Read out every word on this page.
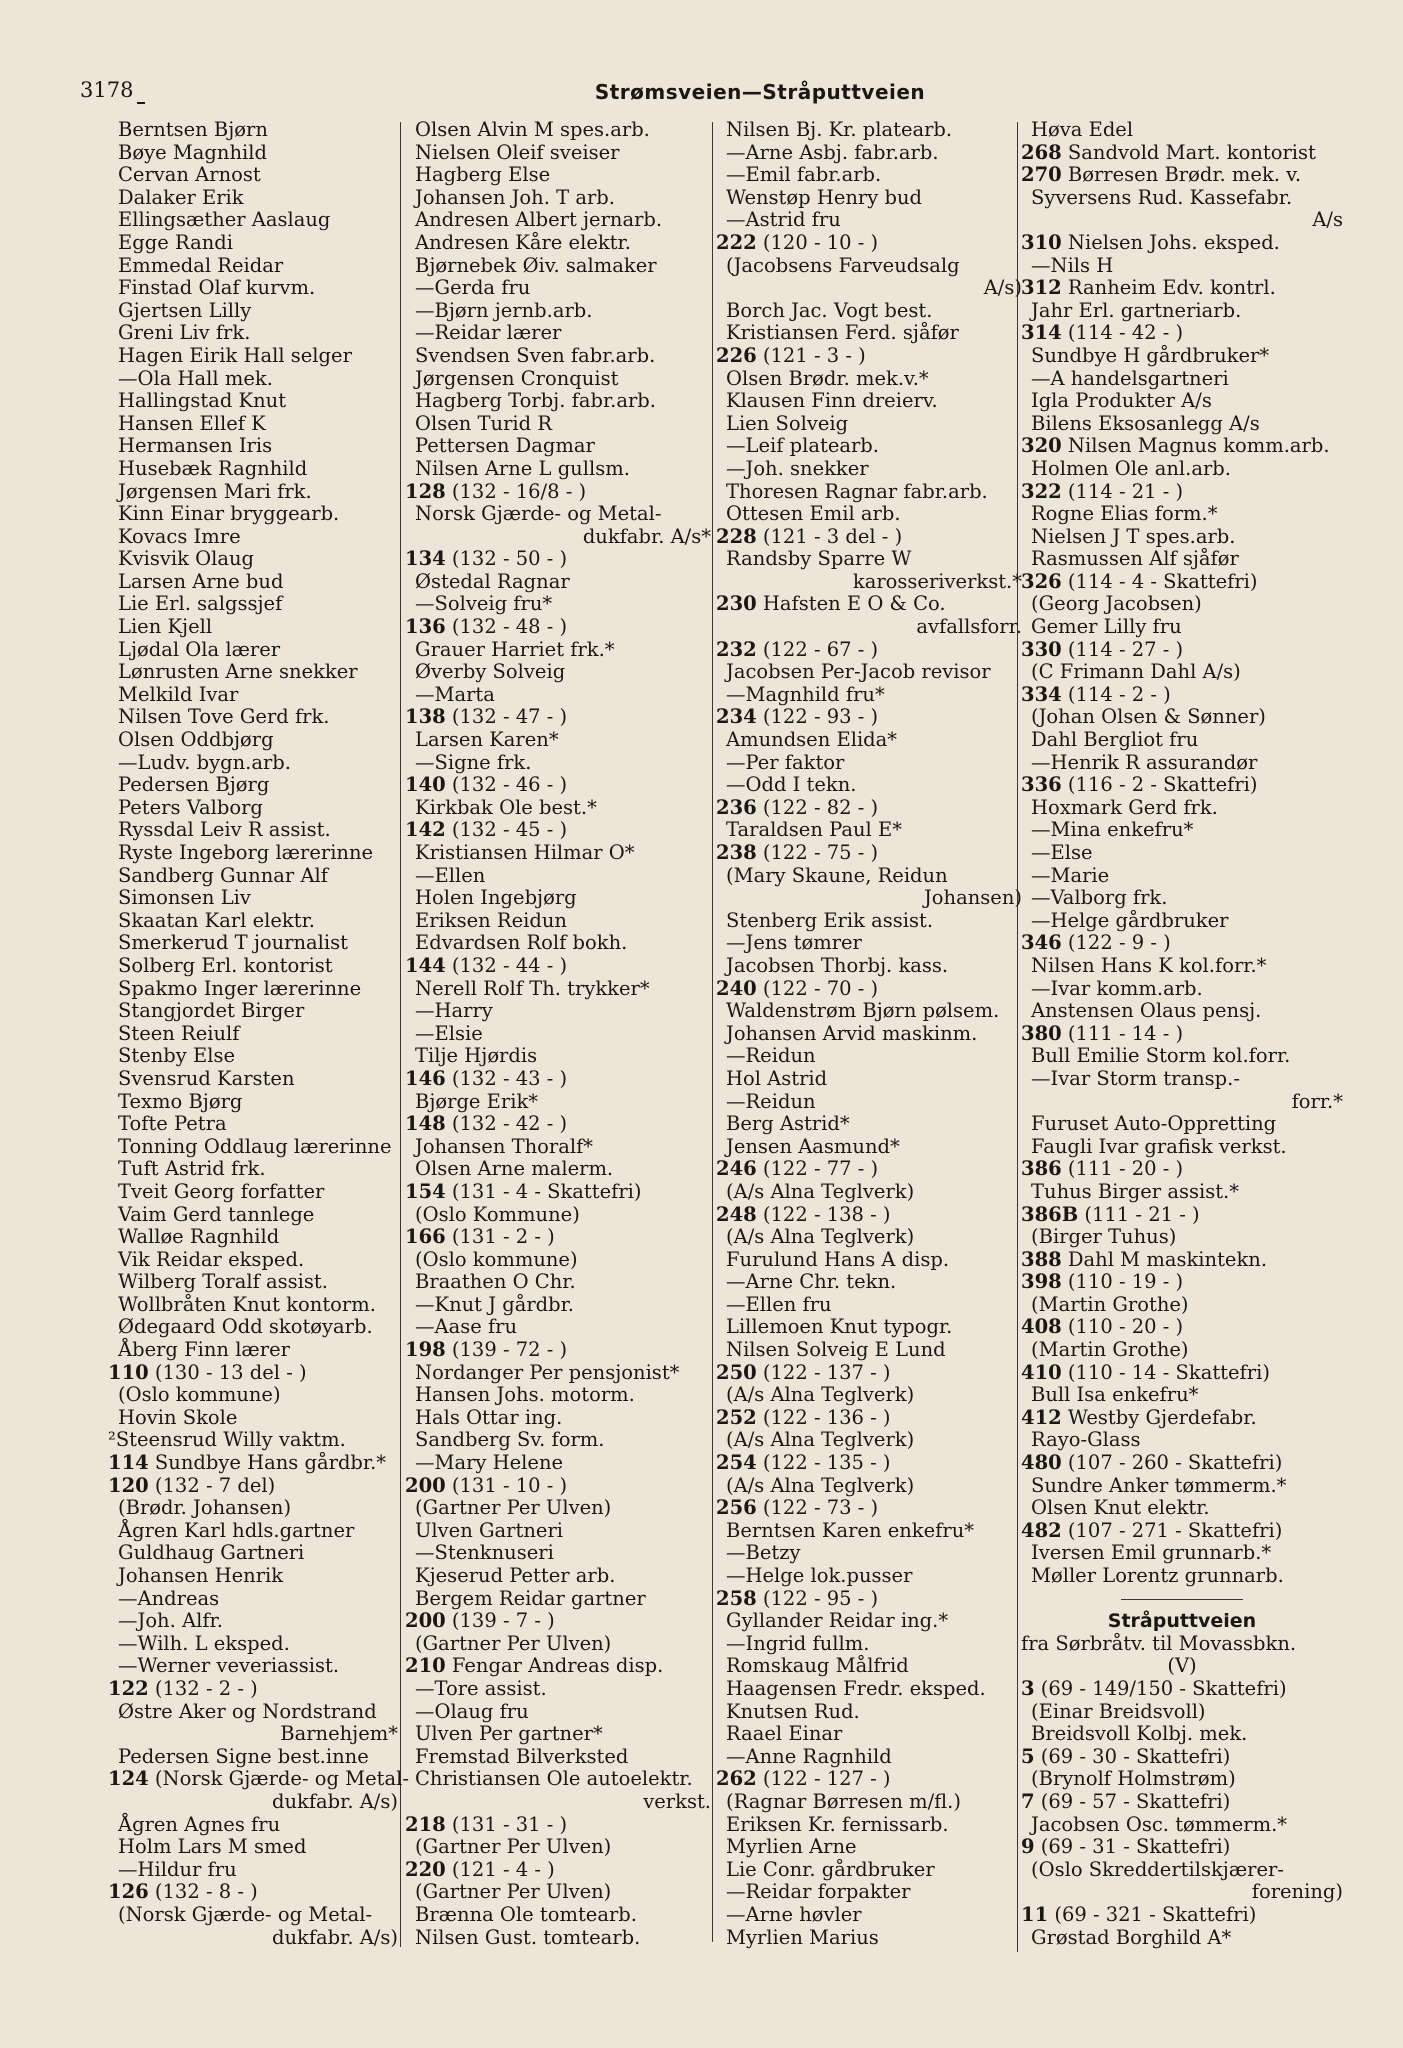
3178	Strømsveien—Stråputtveien
Berntsen Bjørn
Bøye Magnhild
Cervan Arnost
Dalaker Erik
Ellingsæther Aaslaug
Egge Randi
Emmedal Reidar
Finstad Olaf kurvm.
Gjertsen Lilly
Greni Liv frk.
Hagen Eirik Hall selger
—Ola Hall mek.
Hallingstad Knut
Hansen Ellef K
Hermansen Iris
Husebæk Ragnhild
Jørgensen Mari frk.
Kinn Einar bryggearb.
Kovacs Imre
Kvisvik Olaug
Larsen Arne bud
Lie Erl. salgssjef
Lien Kjell
Ljødal Ola lærer
Lønrusten Arne snekker
Melkild Ivar
Nilsen Tove Gerd frk.
Olsen Oddbjørg
—Ludv. bygn.arb.
Pedersen Bjørg
Peters Valborg
Ryssdal Leiv R assist.
Ryste Ingeborg lærerinne
Sandberg Gunnar Alf
Simonsen Liv
Skaatan Karl elektr.
Smerkerud T journalist
Solberg Erl. kontorist
Spakmo Inger lærerinne
Stangjordet Birger
Steen Reiulf
Stenby Else
Svensrud Karsten
Texmo Bjørg
Tofte Petra
Tonning Oddlaug lærerinne
Tuft Astrid frk.
Tveit Georg forfatter
Vaim Gerd tannlege
Walløe Ragnhild
Vik Reidar eksped.
Wilberg Toralf assist.
Wollbråten Knut kontorm.
Ødegaard Odd skotøyarb.
Åberg Finn lærer
110 (130 - 13 del - )
(Oslo kommune)
Hovin Skole
²Steensrud Willy vaktm.
114 Sundbye Hans gårdbr.*
120 (132 - 7 del)
(Brødr. Johansen)
Ågren Karl hdls.gartner
Guldhaug Gartneri
Johansen Henrik
—Andreas
—Joh. Alfr.
—Wilh. L eksped.
—Werner veveriassist.
122 (132 - 2 - )
Østre Aker og Nordstrand
Barnehjem*
Pedersen Signe best.inne
124 (Norsk Gjærde- og Metal-
dukfabr. A/s)
Ågren Agnes fru
Holm Lars M smed
—Hildur fru
126 (132 - 8 - )
(Norsk Gjærde- og Metal-
dukfabr. A/s)
Olsen Alvin M spes.arb.
Nielsen Oleif sveiser
Hagberg Else
Johansen Joh. T arb.
Andresen Albert jernarb.
Andresen Kåre elektr.
Bjørnebek Øiv. salmaker
—Gerda fru
—Bjørn jernb.arb.
—Reidar lærer
Svendsen Sven fabr.arb.
Jørgensen Cronquist
Hagberg Torbj. fabr.arb.
Olsen Turid R
Pettersen Dagmar
Nilsen Arne L gullsm.
128 (132 - 16/8 - )
Norsk Gjærde- og Metal-
dukfabr. A/s*
134 (132 - 50 - )
Østedal Ragnar
—Solveig fru*
136 (132 - 48 - )
Grauer Harriet frk.*
Øverby Solveig
—Marta
138 (132 - 47 - )
Larsen Karen*
—Signe frk.
140 (132 - 46 - )
Kirkbak Ole best.*
142 (132 - 45 - )
Kristiansen Hilmar O*
—Ellen
Holen Ingebjørg
Eriksen Reidun
Edvardsen Rolf bokh.
144 (132 - 44 - )
Nerell Rolf Th. trykker*
—Harry
—Elsie
Tilje Hjørdis
146 (132 - 43 - )
Bjørge Erik*
148 (132 - 42 - )
Johansen Thoralf*
Olsen Arne malerm.
154 (131 - 4 - Skattefri)
(Oslo Kommune)
166 (131 - 2 - )
(Oslo kommune)
Braathen O Chr.
—Knut J gårdbr.
—Aase fru
198 (139 - 72 - )
Nordanger Per pensjonist*
Hansen Johs. motorm.
Hals Ottar ing.
Sandberg Sv. form.
—Mary Helene
200 (131 - 10 - )
(Gartner Per Ulven)
Ulven Gartneri
—Stenknuseri
Kjeserud Petter arb.
Bergem Reidar gartner
200 (139 - 7 - )
(Gartner Per Ulven)
210 Fengar Andreas disp.
—Tore assist.
—Olaug fru
Ulven Per gartner*
Fremstad Bilverksted
Christiansen Ole autoelektr.
verkst.
218 (131 - 31 - )
(Gartner Per Ulven)
220 (121 - 4 - )
(Gartner Per Ulven)
Brænna Ole tomtearb.
Nilsen Gust. tomtearb.
Nilsen Bj. Kr. platearb.
—Arne Asbj. fabr.arb.
—Emil fabr.arb.
Wenstøp Henry bud
—Astrid fru
222 (120 - 10 - )
(Jacobsens Farveudsalg
A/s)
Borch Jac. Vogt best.
Kristiansen Ferd. sjåfør
226 (121 - 3 - )
Olsen Brødr. mek.v.*
Klausen Finn dreierv.
Lien Solveig
—Leif platearb.
—Joh. snekker
Thoresen Ragnar fabr.arb.
Ottesen Emil arb.
228 (121 - 3 del - )
Randsby Sparre W
karosseriverkst.*
230 Hafsten E O & Co.
avfallsforr.
232 (122 - 67 - )
Jacobsen Per-Jacob revisor
—Magnhild fru*
234 (122 - 93 - )
Amundsen Elida*
—Per faktor
—Odd I tekn.
236 (122 - 82 - )
Taraldsen Paul E*
238 (122 - 75 - )
(Mary Skaune, Reidun
Johansen)
Stenberg Erik assist.
—Jens tømrer
Jacobsen Thorbj. kass.
240 (122 - 70 - )
Waldenstrøm Bjørn pølsem.
Johansen Arvid maskinm.
—Reidun
Hol Astrid
—Reidun
Berg Astrid*
Jensen Aasmund*
246 (122 - 77 - )
(A/s Alna Teglverk)
248 (122 - 138 - )
(A/s Alna Teglverk)
Furulund Hans A disp.
—Arne Chr. tekn.
—Ellen fru
Lillemoen Knut typogr.
Nilsen Solveig E Lund
250 (122 - 137 - )
(A/s Alna Teglverk)
252 (122 - 136 - )
(A/s Alna Teglverk)
254 (122 - 135 - )
(A/s Alna Teglverk)
256 (122 - 73 - )
Berntsen Karen enkefru*
—Betzy
—Helge lok.pusser
258 (122 - 95 - )
Gyllander Reidar ing.*
—Ingrid fullm.
Romskaug Målfrid
Haagensen Fredr. eksped.
Knutsen Rud.
Raael Einar
—Anne Ragnhild
262 (122 - 127 - )
(Ragnar Børresen m/fl.)
Eriksen Kr. fernissarb.
Myrlien Arne
Lie Conr. gårdbruker
—Reidar forpakter
—Arne høvler
Myrlien Marius
Høva Edel
268 Sandvold Mart. kontorist
270 Børresen Brødr. mek. v.
Syversens Rud. Kassefabr.
A/s
310 Nielsen Johs. eksped.
—Nils H
312 Ranheim Edv. kontrl.
Jahr Erl. gartneriarb.
314 (114 - 42 - )
Sundbye H gårdbruker*
—A handelsgartneri
Igla Produkter A/s
Bilens Eksosanlegg A/s
320 Nilsen Magnus komm.arb.
Holmen Ole anl.arb.
322 (114 - 21 - )
Rogne Elias form.*
Nielsen J T spes.arb.
Rasmussen Alf sjåfør
326 (114 - 4 - Skattefri)
(Georg Jacobsen)
Gemer Lilly fru
330 (114 - 27 - )
(C Frimann Dahl A/s)
334 (114 - 2 - )
(Johan Olsen & Sønner)
Dahl Bergliot fru
—Henrik R assurandør
336 (116 - 2 - Skattefri)
Hoxmark Gerd frk.
—Mina enkefru*
—Else
—Marie
—Valborg frk.
—Helge gårdbruker
346 (122 - 9 - )
Nilsen Hans K kol.forr.*
—Ivar komm.arb.
Anstensen Olaus pensj.
380 (111 - 14 - )
Bull Emilie Storm kol.forr.
—Ivar Storm transp.-
forr.*
Furuset Auto-Oppretting
Faugli Ivar grafisk verkst.
386 (111 - 20 - )
Tuhus Birger assist.*
386B (111 - 21 - )
(Birger Tuhus)
388 Dahl M maskintekn.
398 (110 - 19 - )
(Martin Grothe)
408 (110 - 20 - )
(Martin Grothe)
410 (110 - 14 - Skattefri)
Bull Isa enkefru*
412 Westby Gjerdefabr.
Rayo-Glass
480 (107 - 260 - Skattefri)
Sundre Anker tømmerm.*
Olsen Knut elektr.
482 (107 - 271 - Skattefri)
Iversen Emil grunnarb.*
Møller Lorentz grunnarb.
Stråputtveien
fra Sørbråtv. til Movassbkn.
(V)
3 (69 - 149/150 - Skattefri)
(Einar Breidsvoll)
Breidsvoll Kolbj. mek.
5 (69 - 30 - Skattefri)
(Brynolf Holmstrøm)
7 (69 - 57 - Skattefri)
Jacobsen Osc. tømmerm.*
9 (69 - 31 - Skattefri)
(Oslo Skreddertilskjærer-
forening)
11 (69 - 321 - Skattefri)
Grøstad Borghild A*
